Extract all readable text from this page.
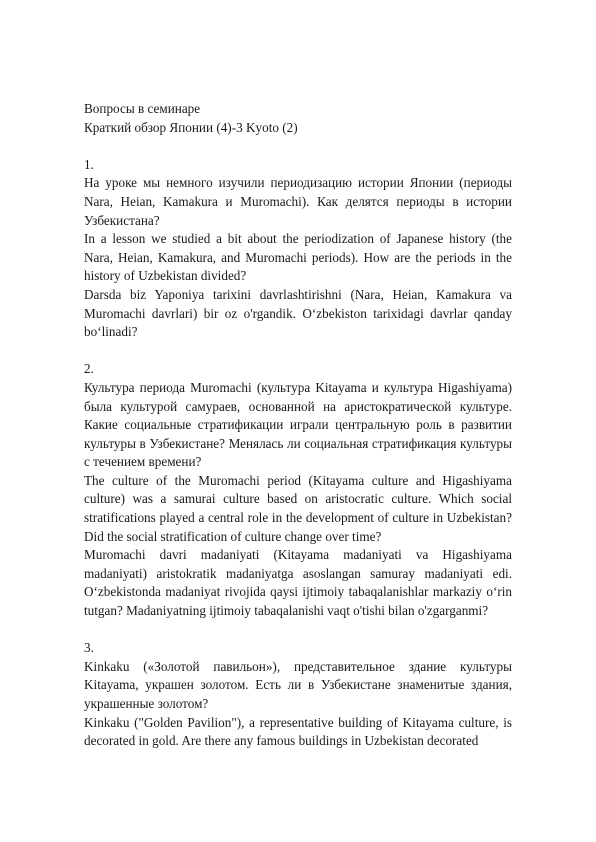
Вопросы в семинаре

Краткий обзор Японии (4)-3 Kyoto (2)

1.

На уроке мы немного изучили периодизацию истории Японии (периоды Nara, Heian, Kamakura и Muromachi). Как делятся периоды в истории Узбекистана?

In a lesson we studied a bit about the periodization of Japanese history (the Nara, Heian, Kamakura, and Muromachi periods). How are the periods in the history of Uzbekistan divided?

Darsda biz Yaponiya tarixini davrlashtirishni (Nara, Heian, Kamakura va Muromachi davrlari) bir oz o'rgandik. O‘zbekiston tarixidagi davrlar qanday bo‘linadi?

2.

Культура периода Muromachi (культура Kitayama и культура Higashiyama) была культурой самураев, основанной на аристократической культуре. Какие социальные стратификации играли центральную роль в развитии культуры в Узбекистане? Менялась ли социальная стратификация культуры с течением времени?

The culture of the Muromachi period (Kitayama culture and Higashiyama culture) was a samurai culture based on aristocratic culture. Which social stratifications played a central role in the development of culture in Uzbekistan? Did the social stratification of culture change over time?

Muromachi davri madaniyati (Kitayama madaniyati va Higashiyama madaniyati) aristokratik madaniyatga asoslangan samuray madaniyati edi. O‘zbekistonda madaniyat rivojida qaysi ijtimoiy tabaqalanishlar markaziy o‘rin tutgan? Madaniyatning ijtimoiy tabaqalanishi vaqt o'tishi bilan o'zgarganmi?

3.

Kinkaku («Золотой павильон»), представительное здание культуры Kitayama, украшен золотом. Есть ли в Узбекистане знаменитые здания, украшенные золотом?

Kinkaku ("Golden Pavilion"), a representative building of Kitayama culture, is decorated in gold. Are there any famous buildings in Uzbekistan decorated
